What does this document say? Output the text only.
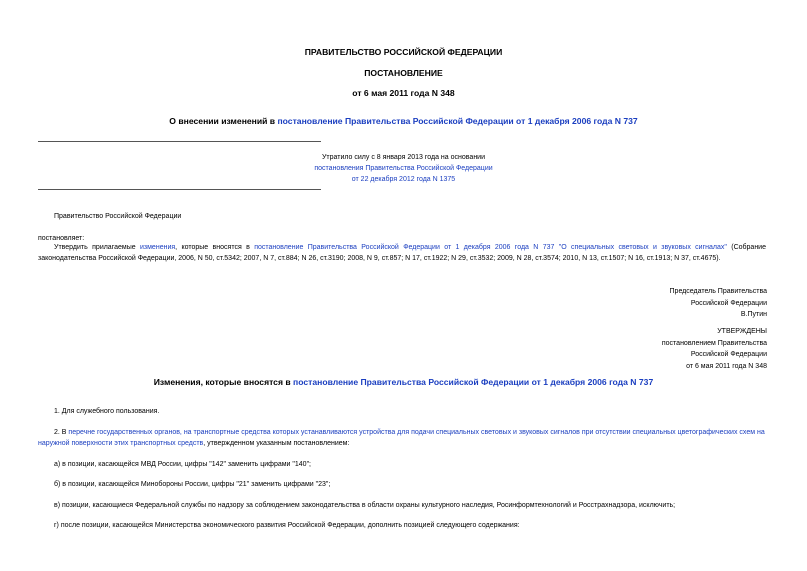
ПРАВИТЕЛЬСТВО РОССИЙСКОЙ ФЕДЕРАЦИИ
ПОСТАНОВЛЕНИЕ
от 6 мая 2011 года N 348
О внесении изменений в постановление Правительства Российской Федерации от 1 декабря 2006 года N 737
Утратило силу с 8 января 2013 года на основании
постановления Правительства Российской Федерации
от 22 декабря 2012 года N 1375
Правительство Российской Федерации
постановляет:
Утвердить прилагаемые изменения, которые вносятся в постановление Правительства Российской Федерации от 1 декабря 2006 года N 737 "О специальных световых и звуковых сигналах" (Собрание законодательства Российской Федерации, 2006, N 50, ст.5342; 2007, N 7, ст.884; N 26, ст.3190; 2008, N 9, ст.857; N 17, ст.1922; N 29, ст.3532; 2009, N 28, ст.3574; 2010, N 13, ст.1507; N 16, ст.1913; N 37, ст.4675).
Председатель Правительства
Российской Федерации
В.Путин
УТВЕРЖДЕНЫ
постановлением Правительства
Российской Федерации
от 6 мая 2011 года N 348
Изменения, которые вносятся в постановление Правительства Российской Федерации от 1 декабря 2006 года N 737
1. Для служебного пользования.
2. В перечне государственных органов, на транспортные средства которых устанавливаются устройства для подачи специальных световых и звуковых сигналов при отсутствии специальных цветографических схем на наружной поверхности этих транспортных средств, утвержденном указанным постановлением:
а) в позиции, касающейся МВД России, цифры "142" заменить цифрами "140";
б) в позиции, касающейся Минобороны России, цифры "21" заменить цифрами "23";
в) позиции, касающиеся Федеральной службы по надзору за соблюдением законодательства в области охраны культурного наследия, Росинформтехнологий и Росстрахнадзора, исключить;
г) после позиции, касающейся Министерства экономического развития Российской Федерации, дополнить позицией следующего содержания:
